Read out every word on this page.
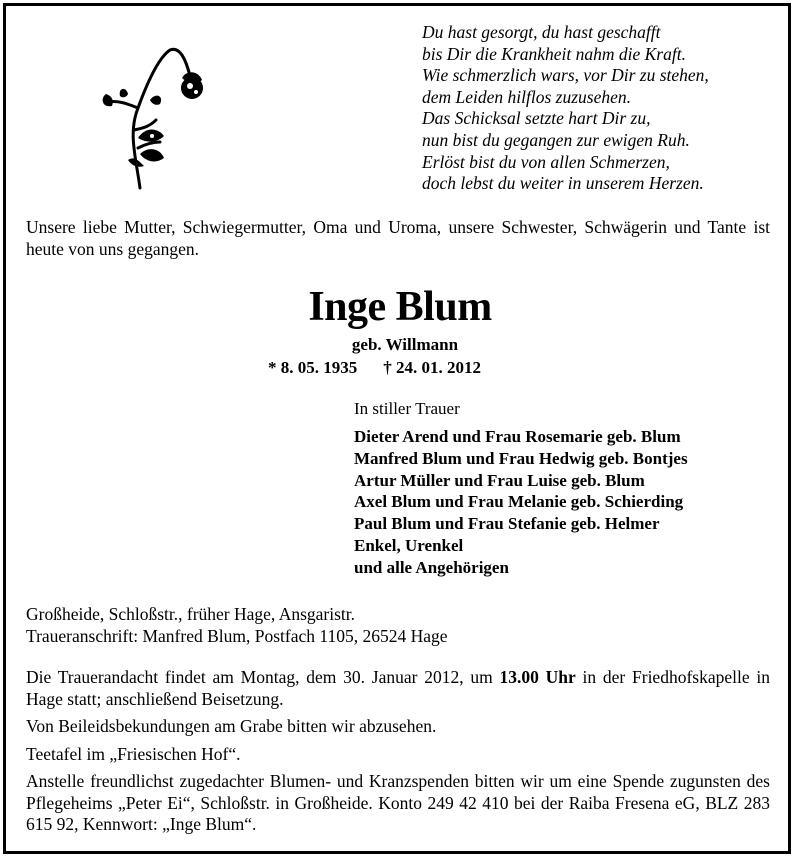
Du hast gesorgt, du hast geschafft
bis Dir die Krankheit nahm die Kraft.
Wie schmerzlich wars, vor Dir zu stehen,
dem Leiden hilflos zuzusehen.
Das Schicksal setzte hart Dir zu,
nun bist du gegangen zur ewigen Ruh.
Erlöst bist du von allen Schmerzen,
doch lebst du weiter in unserem Herzen.
Unsere liebe Mutter, Schwiegermutter, Oma und Uroma, unsere Schwester, Schwägerin und Tante ist heute von uns gegangen.
Inge Blum
geb. Willmann
* 8. 05. 1935 † 24. 01. 2012
In stiller Trauer
Dieter Arend und Frau Rosemarie geb. Blum
Manfred Blum und Frau Hedwig geb. Bontjes
Artur Müller und Frau Luise geb. Blum
Axel Blum und Frau Melanie geb. Schierding
Paul Blum und Frau Stefanie geb. Helmer
Enkel, Urenkel
und alle Angehörigen
Großheide, Schloßstr., früher Hage, Ansgaristr.
Traueranschrift: Manfred Blum, Postfach 1105, 26524 Hage

Die Trauerandacht findet am Montag, dem 30. Januar 2012, um 13.00 Uhr in der Friedhofskapelle in Hage statt; anschließend Beisetzung.

Von Beileidsbekundungen am Grabe bitten wir abzusehen.

Teetafel im „Friesischen Hof“.

Anstelle freundlichst zugedachter Blumen- und Kranzspenden bitten wir um eine Spende zugunsten des Pflegeheims „Peter Ei“, Schloßstr. in Großheide. Konto 249 42 410 bei der Raiba Fresena eG, BLZ 283 615 92, Kennwort: „Inge Blum“.
